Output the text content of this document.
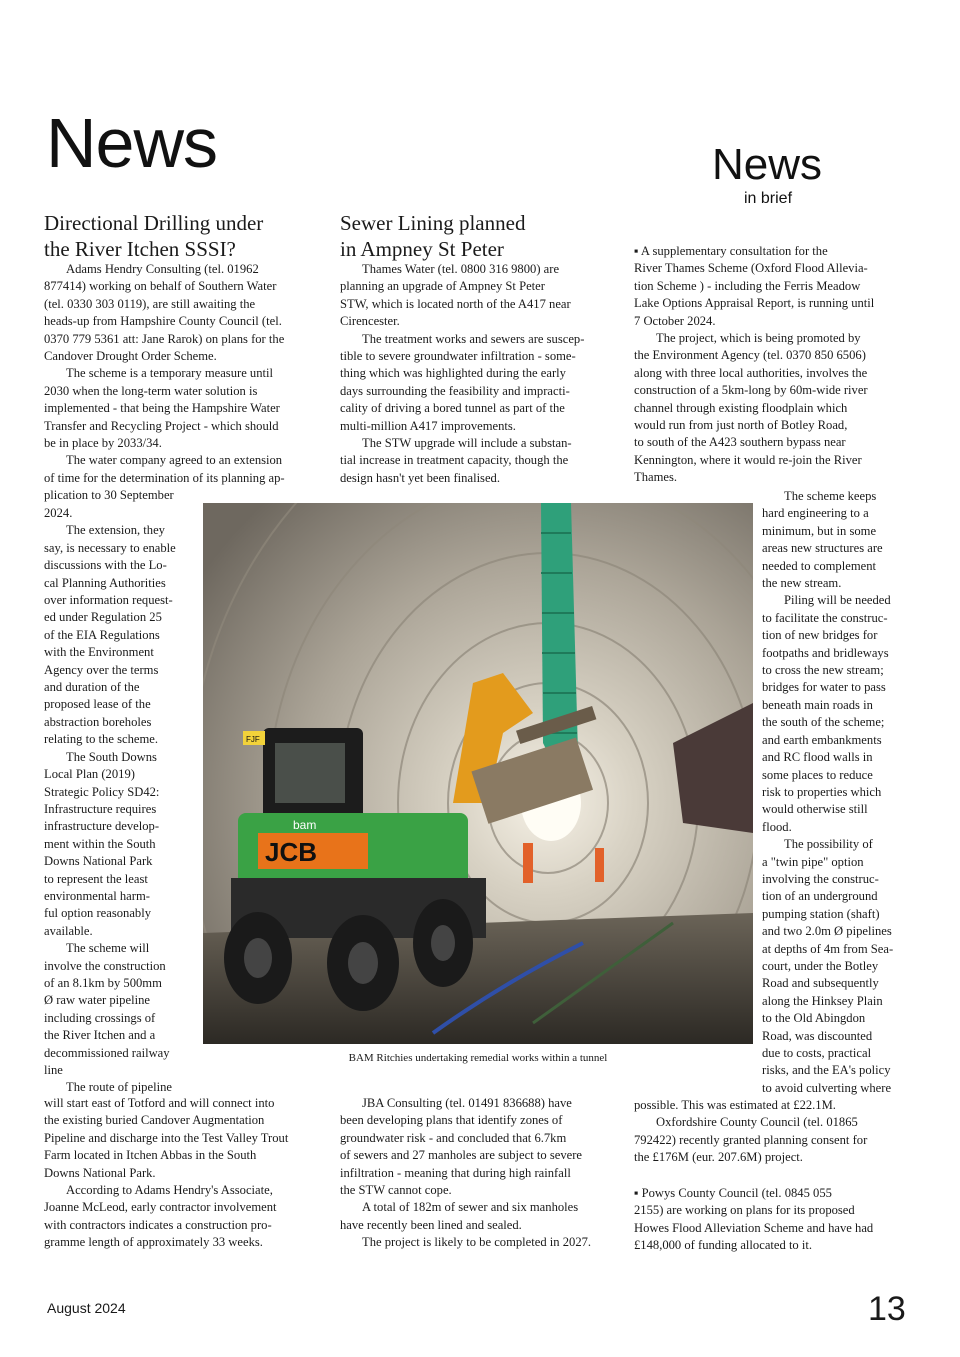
News	News
in brief
Directional Drilling under
the River Itchen SSSI?
Adams Hendry Consulting (tel. 01962
877414) working on behalf of Southern Water
(tel. 0330 303 0119), are still awaiting the
heads-up from Hampshire County Council (tel.
0370 779 5361 att: Jane Rarok) on plans for the
Candover Drought Order Scheme.
The scheme is a temporary measure until
2030 when the long-term water solution is
implemented - that being the Hampshire Water
Transfer and Recycling Project - which should
be in place by 2033/34.
The water company agreed to an extension
of time for the determination of its planning ap-
plication to 30 September
2024.
The extension, they
say, is necessary to enable
discussions with the Lo-
cal Planning Authorities
over information request-
ed under Regulation 25
of the EIA Regulations
with the Environment
Agency over the terms
and duration of the
proposed lease of the
abstraction boreholes
relating to the scheme.
The South Downs
Local Plan (2019)
Strategic Policy SD42:
Infrastructure requires
infrastructure develop-
ment within the South
Downs National Park
to represent the least
environmental harm-
ful option reasonably
available.
The scheme will
involve the construction
of an 8.1km by 500mm
Ø raw water pipeline
including crossings of
the River Itchen and a
decommissioned railway
line
The route of pipeline
will start east of Totford and will connect into
the existing buried Candover Augmentation
Pipeline and discharge into the Test Valley Trout
Farm located in Itchen Abbas in the South
Downs National Park.
According to Adams Hendry's Associate,
Joanne McLeod, early contractor involvement
with contractors indicates a construction pro-
gramme length of approximately 33 weeks.
Sewer Lining planned
in Ampney St Peter
Thames Water (tel. 0800 316 9800) are
planning an upgrade of Ampney St Peter
STW, which is located north of the A417 near
Cirencester.
The treatment works and sewers are suscep-
tible to severe groundwater infiltration - some-
thing which was highlighted during the early
days surrounding the feasibility and impracti-
cality of driving a bored tunnel as part of the
multi-million A417 improvements.
The STW upgrade will include a substan-
tial increase in treatment capacity, though the
design hasn't yet been finalised.
JBA Consulting (tel. 01491 836688) have
been developing plans that identify zones of
groundwater risk - and concluded that 6.7km
of sewers and 27 manholes are subject to severe
infiltration - meaning that during high rainfall
the STW cannot cope.
A total of 182m of sewer and six manholes
have recently been lined and sealed.
The project is likely to be completed in 2027.
▪ A supplementary consultation for the
River Thames Scheme (Oxford Flood Allevia-
tion Scheme ) - including the Ferris Meadow
Lake Options Appraisal Report, is running until
7 October 2024.
The project, which is being promoted by
the Environment Agency (tel. 0370 850 6506)
along with three local authorities, involves the
construction of a 5km-long by 60m-wide river
channel through existing floodplain which
would run from just north of Botley Road,
to south of the A423 southern bypass near
Kennington, where it would re-join the River
Thames.
The scheme keeps
hard engineering to a
minimum, but in some
areas new structures are
needed to complement
the new stream.
Piling will be needed
to facilitate the construc-
tion of new bridges for
footpaths and bridleways
to cross the new stream;
bridges for water to pass
beneath main roads in
the south of the scheme;
and earth embankments
and RC flood walls in
some places to reduce
risk to properties which
would otherwise still
flood.
The possibility of
a "twin pipe" option
involving the construc-
tion of an underground
pumping station (shaft)
and two 2.0m Ø pipelines
at depths of 4m from Sea-
court, under the Botley
Road and subsequently
along the Hinksey Plain
to the Old Abingdon
Road, was discounted
due to costs, practical
risks, and the EA's policy
to avoid culverting where
possible. This was estimated at £22.1M.
Oxfordshire County Council (tel. 01865
792422) recently granted planning consent for
the £176M (eur. 207.6M) project.
▪ Powys County Council (tel. 0845 055
2155) are working on plans for its proposed
Howes Flood Alleviation Scheme and have had
£148,000 of funding allocated to it.
JCB
bam
FJF
BAM Ritchies undertaking remedial works within a tunnel
August 2024	13
